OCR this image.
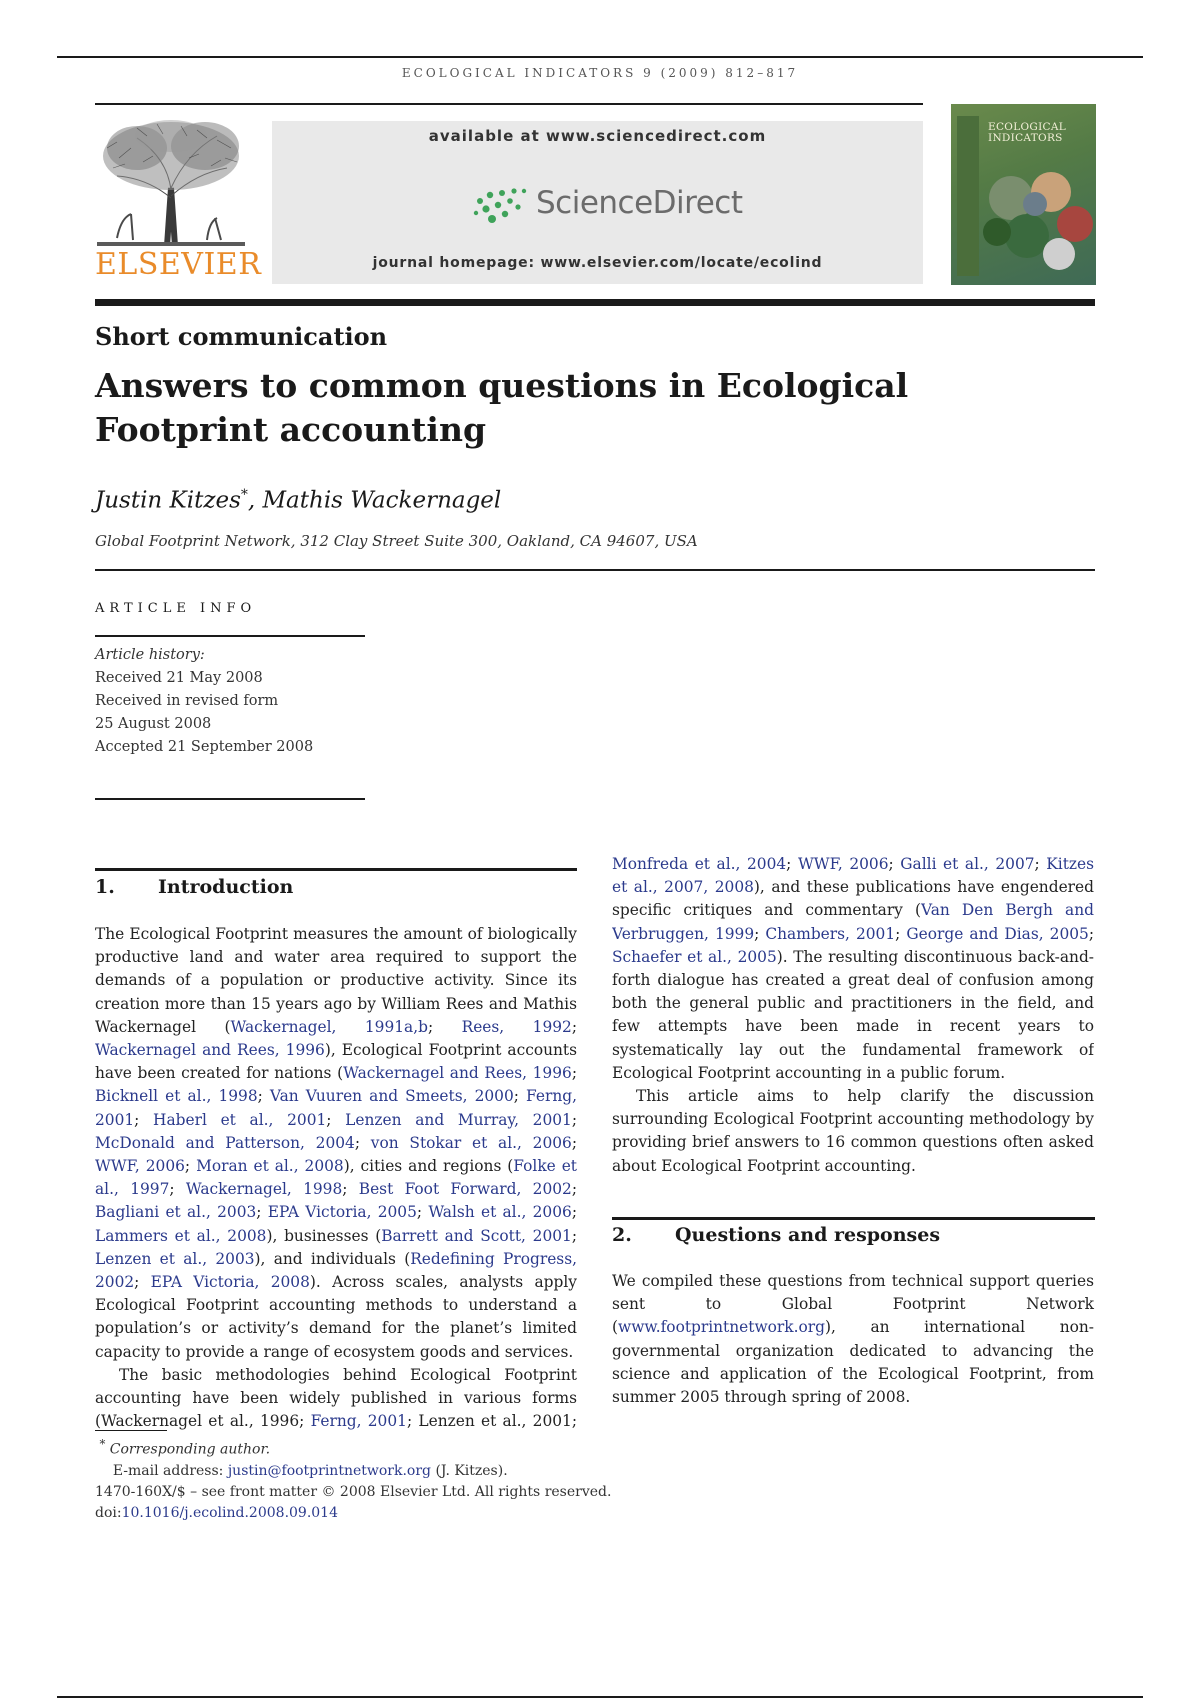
ECOLOGICAL INDICATORS 9 (2009) 812–817
ELSEVIER
available at www.sciencedirect.com
ScienceDirect
journal homepage: www.elsevier.com/locate/ecolind
ECOLOGICAL INDICATORS
Short communication
Answers to common questions in Ecological Footprint accounting
Justin Kitzes*, Mathis Wackernagel
Global Footprint Network, 312 Clay Street Suite 300, Oakland, CA 94607, USA
ARTICLE INFO
Article history:
Received 21 May 2008
Received in revised form
25 August 2008
Accepted 21 September 2008
1. Introduction

The Ecological Footprint measures the amount of biologically productive land and water area required to support the demands of a population or productive activity. Since its creation more than 15 years ago by William Rees and Mathis Wackernagel (Wackernagel, 1991a,b; Rees, 1992; Wackernagel and Rees, 1996), Ecological Footprint accounts have been created for nations (Wackernagel and Rees, 1996; Bicknell et al., 1998; Van Vuuren and Smeets, 2000; Ferng, 2001; Haberl et al., 2001; Lenzen and Murray, 2001; McDonald and Patterson, 2004; von Stokar et al., 2006; WWF, 2006; Moran et al., 2008), cities and regions (Folke et al., 1997; Wackernagel, 1998; Best Foot Forward, 2002; Bagliani et al., 2003; EPA Victoria, 2005; Walsh et al., 2006; Lammers et al., 2008), businesses (Barrett and Scott, 2001; Lenzen et al., 2003), and individuals (Redefining Progress, 2002; EPA Victoria, 2008). Across scales, analysts apply Ecological Footprint accounting methods to understand a population’s or activity’s demand for the planet’s limited capacity to provide a range of ecosystem goods and services.

The basic methodologies behind Ecological Footprint accounting have been widely published in various forms (Wackernagel et al., 1996; Ferng, 2001; Lenzen et al., 2001;

Monfreda et al., 2004; WWF, 2006; Galli et al., 2007; Kitzes et al., 2007, 2008), and these publications have engendered specific critiques and commentary (Van Den Bergh and Verbruggen, 1999; Chambers, 2001; George and Dias, 2005; Schaefer et al., 2005). The resulting discontinuous back-and-forth dialogue has created a great deal of confusion among both the general public and practitioners in the field, and few attempts have been made in recent years to systematically lay out the fundamental framework of Ecological Footprint accounting in a public forum.

This article aims to help clarify the discussion surrounding Ecological Footprint accounting methodology by providing brief answers to 16 common questions often asked about Ecological Footprint accounting.

2. Questions and responses

We compiled these questions from technical support queries sent to Global Footprint Network (www.footprintnetwork.org), an international non-governmental organization dedicated to advancing the science and application of the Ecological Footprint, from summer 2005 through spring of 2008.

* Corresponding author.
E-mail address: justin@footprintnetwork.org (J. Kitzes).
1470-160X/$ – see front matter © 2008 Elsevier Ltd. All rights reserved.
doi:10.1016/j.ecolind.2008.09.014
